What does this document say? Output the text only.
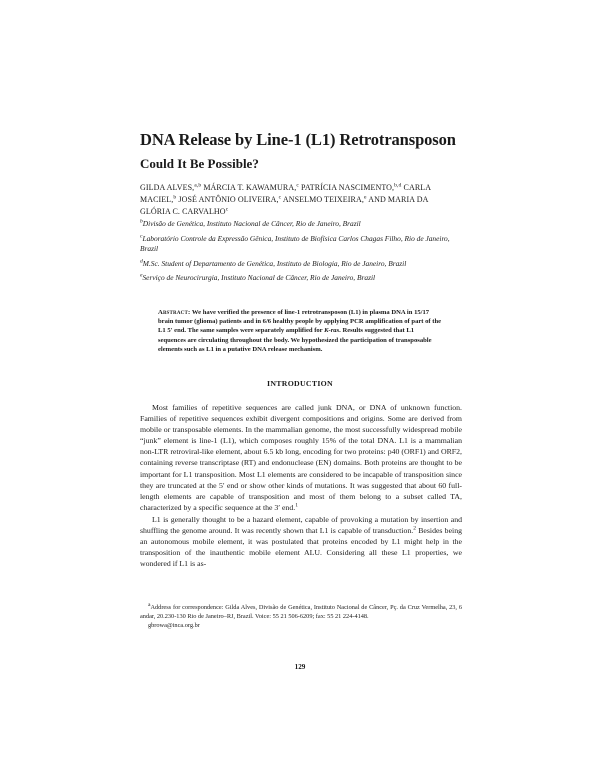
DNA Release by Line-1 (L1) Retrotransposon
Could It Be Possible?

GILDA ALVES,$^{a,b}$ MÁRCIA T. KAWAMURA,$^c$ PATRÍCIA NASCIMENTO,$^{b,d}$ CARLA MACIEL,$^b$ JOSÉ ANTÔNIO OLIVEIRA,$^c$ ANSELMO TEIXEIRA,$^e$ AND MARIA DA GLÓRIA C. CARVALHO$^c$

$^b$Divisão de Genética, Instituto Nacional de Câncer, Rio de Janeiro, Brazil
$^c$Laboratório Controle da Expressão Gênica, Instituto de Biofísica Carlos Chagas Filho, Rio de Janeiro, Brazil
$^d$M.Sc. Student of Departamento de Genética, Instituto de Biologia, Rio de Janeiro, Brazil
$^e$Serviço de Neurocirurgia, Instituto Nacional de Câncer, Rio de Janeiro, Brazil

Abstract: We have verified the presence of line-1 retrotransposon (L1) in plasma DNA in 15/17 brain tumor (glioma) patients and in 6/6 healthy people by applying PCR amplification of part of the L1 5′ end. The same samples were separately amplified for K-ras. Results suggested that L1 sequences are circulating throughout the body. We hypothesized the participation of transposable elements such as L1 in a putative DNA release mechanism.

INTRODUCTION

Most families of repetitive sequences are called junk DNA, or DNA of unknown function. Families of repetitive sequences exhibit divergent compositions and origins. Some are derived from mobile or transposable elements. In the mammalian genome, the most successfully widespread mobile “junk” element is line-1 (L1), which composes roughly 15% of the total DNA. L1 is a mammalian non-LTR retroviral-like element, about 6.5 kb long, encoding for two proteins: p40 (ORF1) and ORF2, containing reverse transcriptase (RT) and endonuclease (EN) domains. Both proteins are thought to be important for L1 transposition. Most L1 elements are considered to be incapable of transposition since they are truncated at the 5′ end or show other kinds of mutations. It was suggested that about 60 full-length elements are capable of transposition and most of them belong to a subset called TA, characterized by a specific sequence at the 3′ end.$^1$

L1 is generally thought to be a hazard element, capable of provoking a mutation by insertion and shuffling the genome around. It was recently shown that L1 is capable of transduction.$^2$ Besides being an autonomous mobile element, it was postulated that proteins encoded by L1 might help in the transposition of the inauthentic mobile element ALU. Considering all these L1 properties, we wondered if L1 is as-

$^a$Address for correspondence: Gilda Alves, Divisão de Genética, Instituto Nacional de Câncer, Pç. da Cruz Vermelha, 23, 6 andar, 20.230-130 Rio de Janeiro–RJ, Brazil. Voice: 55 21 506-6209; fax: 55 21 224-4148.

gbrowa@inca.org.br

129
